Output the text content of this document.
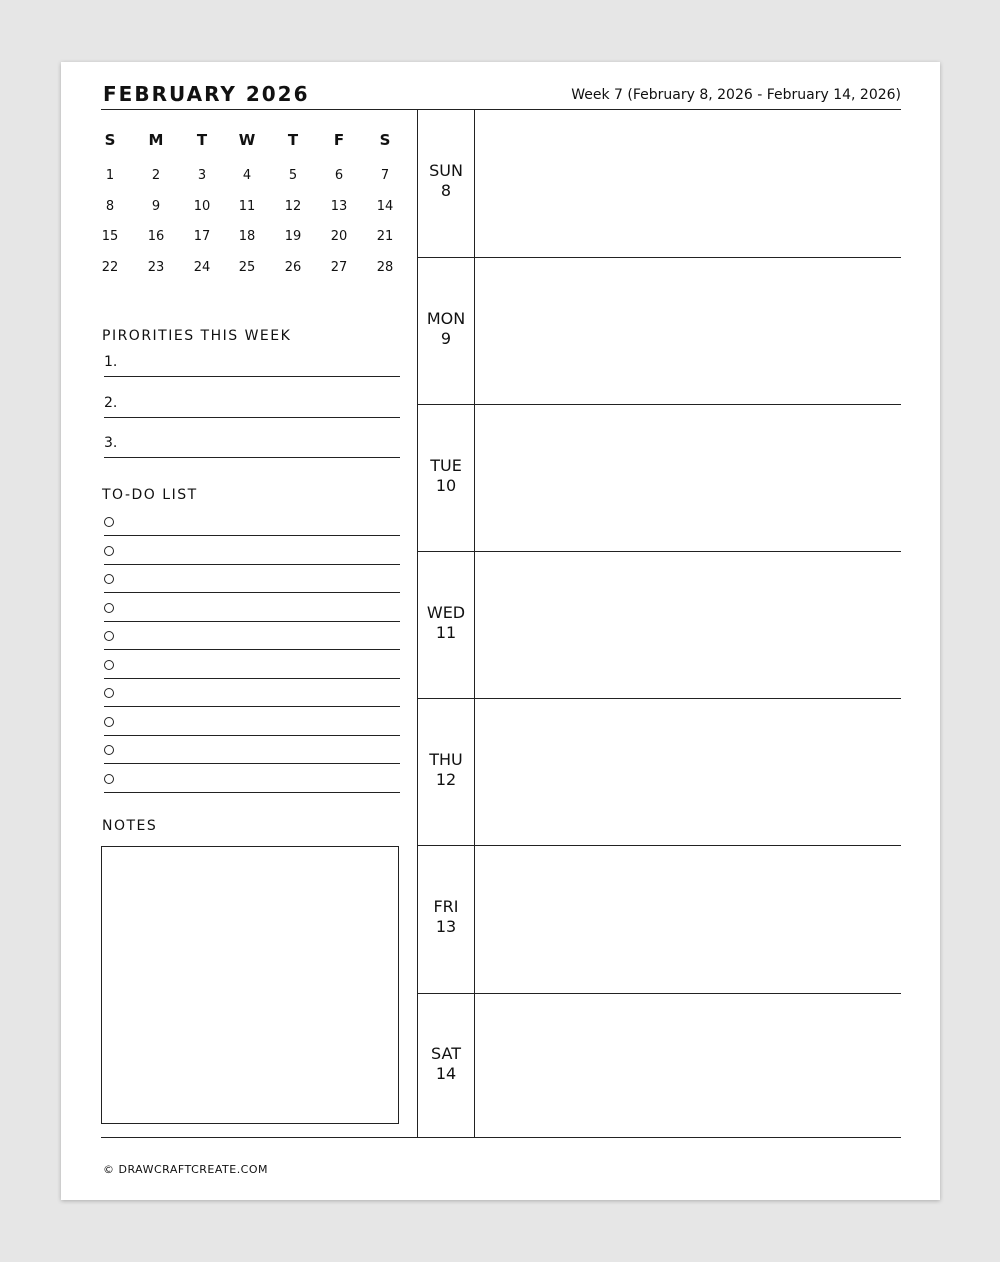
FEBRUARY 2026	Week 7 (February 8, 2026 - February 14, 2026)
S	M	T	W	T	F	S
1	2	3	4	5	6	7
8	9	10	11	12	13	14
15	16	17	18	19	20	21
22	23	24	25	26	27	28
PIRORITIES THIS WEEK
1.
2.
3.
TO-DO LIST
NOTES
SUN
8
MON
9
TUE
10
WED
11
THU
12
FRI
13
SAT
14
© DRAWCRAFTCREATE.COM
